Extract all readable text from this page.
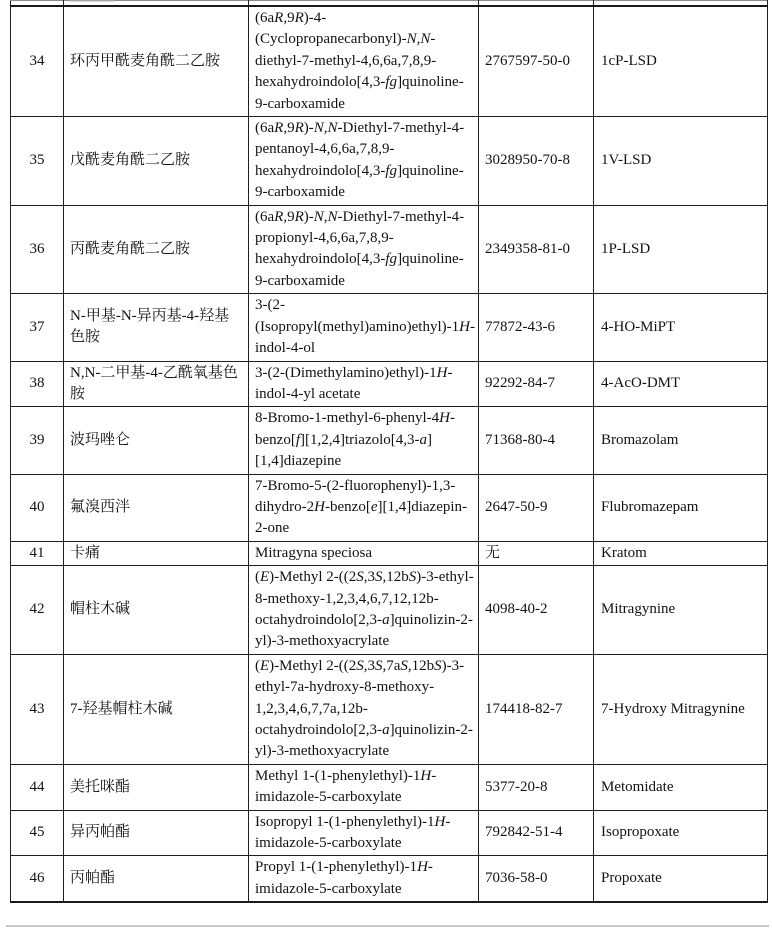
34	环丙甲酰麦角酰二乙胺	(6aR,9R)-4-(Cyclopropanecarbonyl)-N,N-diethyl-7-methyl-4,6,6a,7,8,9-hexahydroindolo[4,3-fg]quinoline-9-carboxamide	2767597-50-0	1cP-LSD
35	戊酰麦角酰二乙胺	(6aR,9R)-N,N-Diethyl-7-methyl-4-pentanoyl-4,6,6a,7,8,9-hexahydroindolo[4,3-fg]quinoline-9-carboxamide	3028950-70-8	1V-LSD
36	丙酰麦角酰二乙胺	(6aR,9R)-N,N-Diethyl-7-methyl-4-propionyl-4,6,6a,7,8,9-hexahydroindolo[4,3-fg]quinoline-9-carboxamide	2349358-81-0	1P-LSD
37	N-甲基-N-异丙基-4-羟基色胺	3-(2-(Isopropyl(methyl)amino)ethyl)-1H-indol-4-ol	77872-43-6	4-HO-MiPT
38	N,N-二甲基-4-乙酰氧基色胺	3-(2-(Dimethylamino)ethyl)-1H-indol-4-yl acetate	92292-84-7	4-AcO-DMT
39	波玛唑仑	8-Bromo-1-methyl-6-phenyl-4H-benzo[f][1,2,4]triazolo[4,3-a][1,4]diazepine	71368-80-4	Bromazolam
40	氟溴西泮	7-Bromo-5-(2-fluorophenyl)-1,3-dihydro-2H-benzo[e][1,4]diazepin-2-one	2647-50-9	Flubromazepam
41	卡痛	Mitragyna speciosa	无	Kratom
42	帽柱木碱	(E)-Methyl 2-((2S,3S,12bS)-3-ethyl-8-methoxy-1,2,3,4,6,7,12,12b-octahydroindolo[2,3-a]quinolizin-2-yl)-3-methoxyacrylate	4098-40-2	Mitragynine
43	7-羟基帽柱木碱	(E)-Methyl 2-((2S,3S,7aS,12bS)-3-ethyl-7a-hydroxy-8-methoxy-1,2,3,4,6,7,7a,12b-octahydroindolo[2,3-a]quinolizin-2-yl)-3-methoxyacrylate	174418-82-7	7-Hydroxy Mitragynine
44	美托咪酯	Methyl 1-(1-phenylethyl)-1H-imidazole-5-carboxylate	5377-20-8	Metomidate
45	异丙帕酯	Isopropyl 1-(1-phenylethyl)-1H-imidazole-5-carboxylate	792842-51-4	Isopropoxate
46	丙帕酯	Propyl 1-(1-phenylethyl)-1H-imidazole-5-carboxylate	7036-58-0	Propoxate
